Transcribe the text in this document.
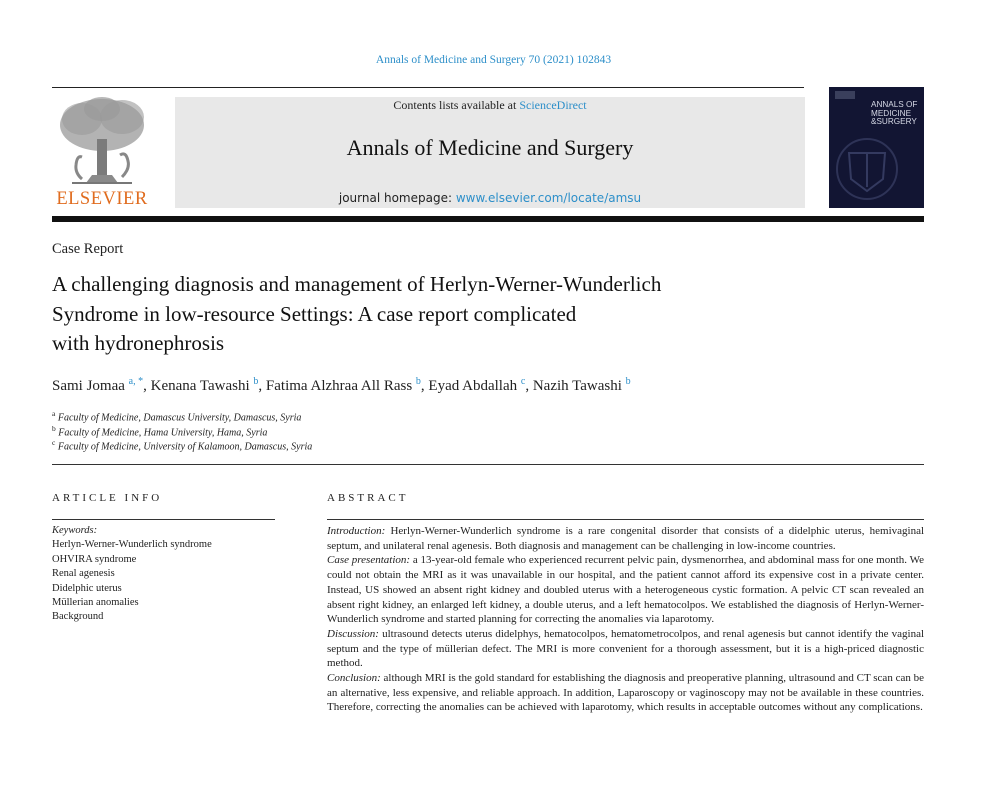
Annals of Medicine and Surgery 70 (2021) 102843
ELSEVIER
Contents lists available at ScienceDirect
Annals of Medicine and Surgery
journal homepage: www.elsevier.com/locate/amsu
ANNALS OF
MEDICINE
&SURGERY
Case Report
A challenging diagnosis and management of Herlyn-Werner-Wunderlich
Syndrome in low-resource Settings: A case report complicated
with hydronephrosis
Sami Jomaa $^{a, *}$, Kenana Tawashi $^b$, Fatima Alzhraa All Rass $^b$, Eyad Abdallah $^c$, Nazih Tawashi $^b$
$^a$ Faculty of Medicine, Damascus University, Damascus, Syria
$^b$ Faculty of Medicine, Hama University, Hama, Syria
$^c$ Faculty of Medicine, University of Kalamoon, Damascus, Syria
ARTICLE INFO	ABSTRACT
Keywords:
Herlyn-Werner-Wunderlich syndrome
OHVIRA syndrome
Renal agenesis
Didelphic uterus
Müllerian anomalies
Background

Introduction: Herlyn-Werner-Wunderlich syndrome is a rare congenital disorder that consists of a didelphic uterus, hemivaginal septum, and unilateral renal agenesis. Both diagnosis and management can be challenging in low-income countries.

Case presentation: a 13-year-old female who experienced recurrent pelvic pain, dysmenorrhea, and abdominal mass for one month. We could not obtain the MRI as it was unavailable in our hospital, and the patient cannot afford its expensive cost in a private center. Instead, US showed an absent right kidney and doubled uterus with a heterogeneous cystic formation. A pelvic CT scan revealed an absent right kidney, an enlarged left kidney, a double uterus, and a left hematocolpos. We established the diagnosis of Herlyn-Werner-Wunderlich syndrome and started planning for correcting the anomalies via laparotomy.

Discussion: ultrasound detects uterus didelphys, hematocolpos, hematometrocolpos, and renal agenesis but cannot identify the vaginal septum and the type of müllerian defect. The MRI is more convenient for a thorough assessment, but it is a high-priced diagnostic method.

Conclusion: although MRI is the gold standard for establishing the diagnosis and preoperative planning, ultrasound and CT scan can be an alternative, less expensive, and reliable approach. In addition, Laparoscopy or vaginoscopy may not be available in these countries. Therefore, correcting the anomalies can be achieved with laparotomy, which results in acceptable outcomes without any complications.
